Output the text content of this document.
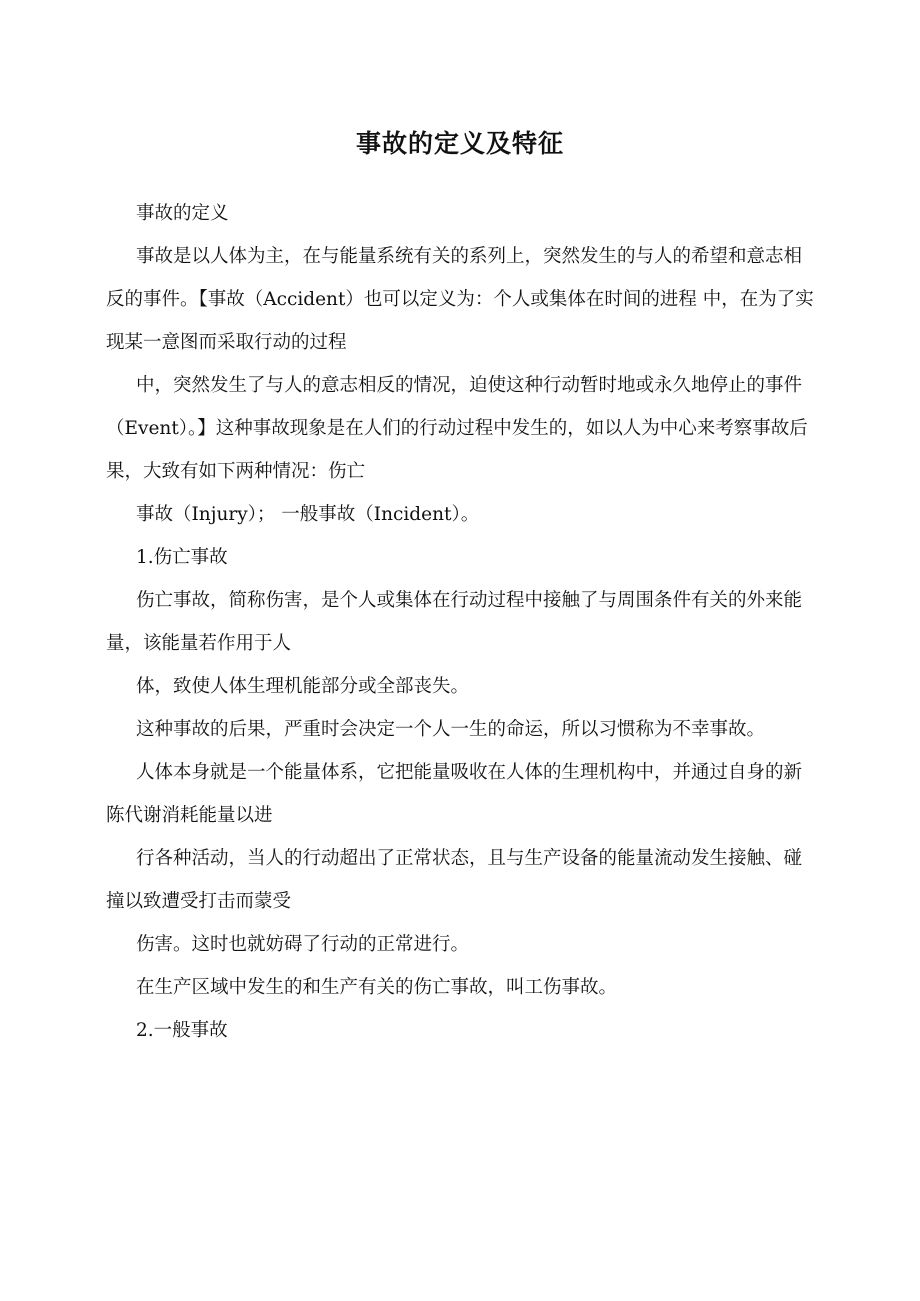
事故的定义及特征

事故的定义

事故是以人体为主，在与能量系统有关的系列上，突然发生的与人的希望和意志相反的事件。【事故（Accident）也可以定义为：个人或集体在时间的进程 中，在为了实现某一意图而采取行动的过程

中，突然发生了与人的意志相反的情况，迫使这种行动暂时地或永久地停止的事件（Event）。】这种事故现象是在人们的行动过程中发生的，如以人为中心来考察事故后果，大致有如下两种情况：伤亡

事故（Injury）； 一般事故（Incident）。

1.伤亡事故

伤亡事故，简称伤害，是个人或集体在行动过程中接触了与周围条件有关的外来能量，该能量若作用于人

体，致使人体生理机能部分或全部丧失。

这种事故的后果，严重时会决定一个人一生的命运，所以习惯称为不幸事故。

人体本身就是一个能量体系，它把能量吸收在人体的生理机构中，并通过自身的新陈代谢消耗能量以进

行各种活动，当人的行动超出了正常状态，且与生产设备的能量流动发生接触、碰撞以致遭受打击而蒙受

伤害。这时也就妨碍了行动的正常进行。

在生产区域中发生的和生产有关的伤亡事故，叫工伤事故。

2.一般事故
